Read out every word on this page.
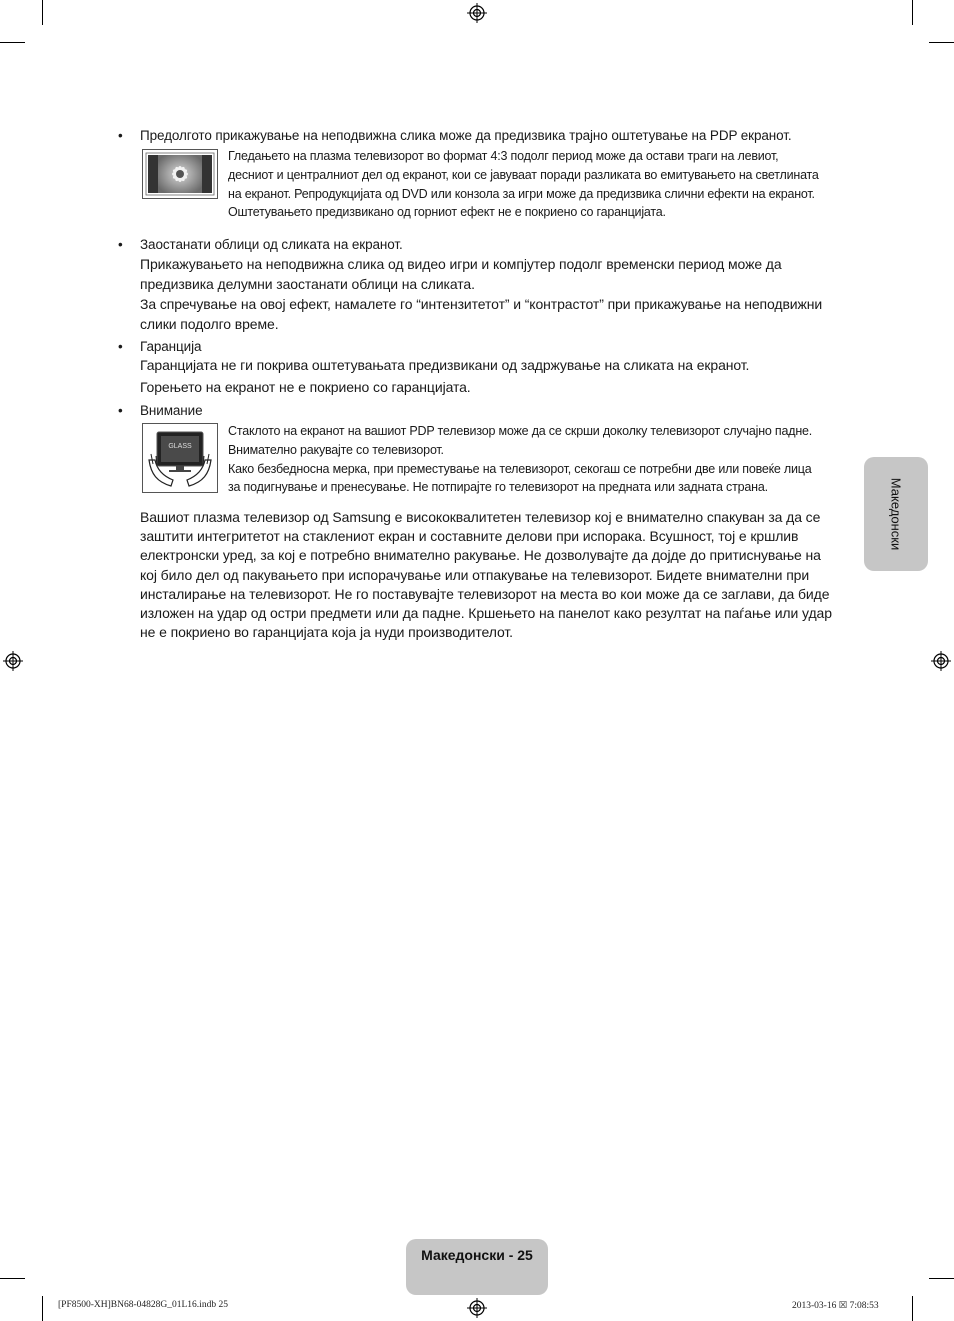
• Предолгото прикажување на неподвижна слика може да предизвика трајно оштетување на PDP екранот.
Гледањето на плазма телевизорот во формат 4:3 подолг период може да остави траги на левиот,
десниот и централниот дел од екранот, кои се јавуваат поради разликата во емитувањето на светлината
на екранот. Репродукцијата од DVD или конзола за игри може да предизвика слични ефекти на екранот.
Оштетувањето предизвикано од горниот ефект не е покриено со гаранцијата.
• Заостанати облици од сликата на екранот.
Прикажувањето на неподвижна слика од видео игри и компјутер подолг временски период може да предизвика делумни заостанати облици на сликата.
За спречување на овој ефект, намалете го “интензитетот” и “контрастот” при прикажување на неподвижни слики подолго време.
• Гаранција
Гаранцијата не ги покрива оштетувањата предизвикани од задржување на сликата на екранот.
Горењето на екранот не е покриено со гаранцијата.
• Внимание
GLASS
Стаклото на екранот на вашиот PDP телевизор може да се скрши доколку телевизорот случајно падне.
Внимателно ракувајте со телевизорот.
Како безбедносна мерка, при преместување на телевизорот, секогаш се потребни две или повеќе лица
за подигнување и пренесување. Не потпирајте го телевизорот на предната или задната страна.
Вашиот плазма телевизор од Samsung е висококвалитетен телевизор кој е внимателно спакуван за да се заштити интегритетот на стаклениот екран и составните делови при испорака. Всушност, тој е кршлив електронски уред, за кој е потребно внимателно ракување. Не дозволувајте да дојде до притиснување на кој било дел од пакувањето при испорачување или отпакување на телевизорот. Бидете внимателни при инсталирање на телевизорот. Не го поставувајте телевизорот на места во кои може да се заглави, да биде изложен на удар од остри предмети или да падне. Кршењето на панелот како резултат на паѓање или удар не е покриено во гаранцијата која ја нуди производителот.
Македонски
Македонски - 25
[PF8500-XH]BN68-04828G_01L16.indb 25	2013-03-16 ☒ 7:08:53
